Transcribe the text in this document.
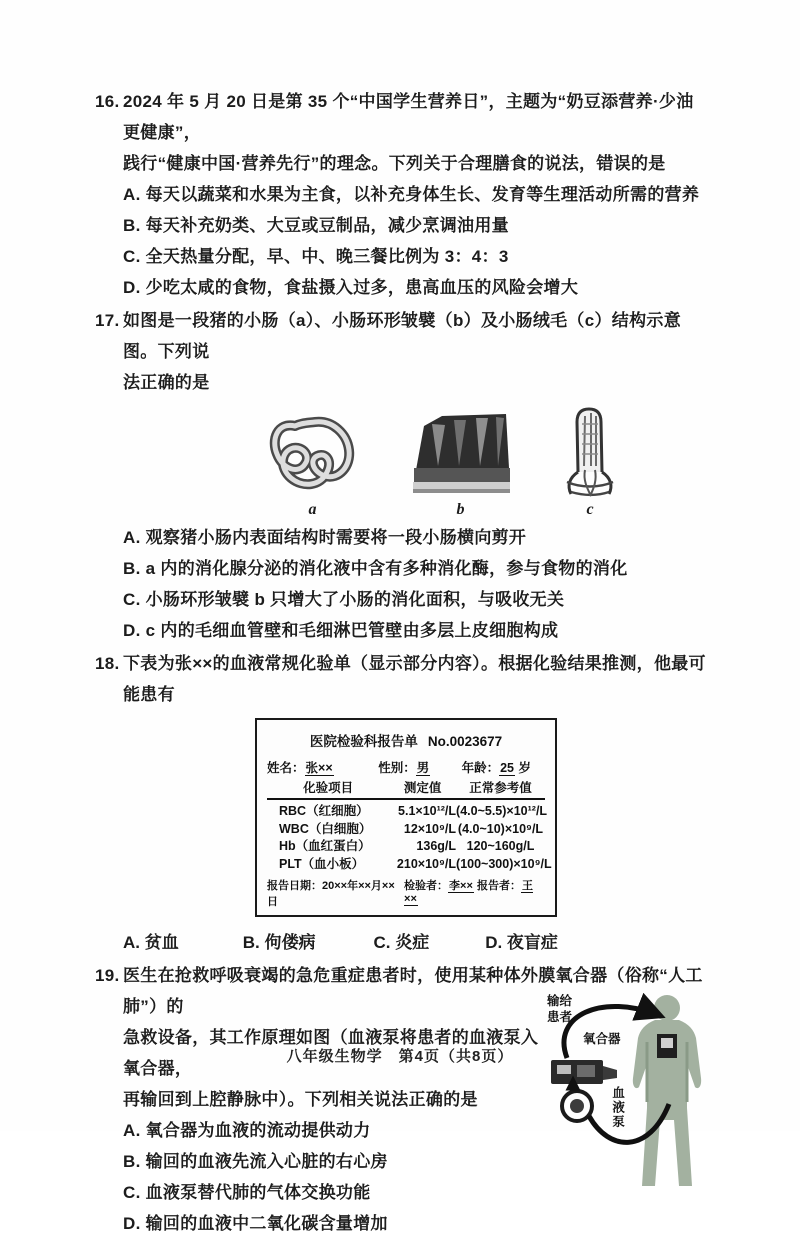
16. 2024 年 5 月 20 日是第 35 个“中国学生营养日”，主题为“奶豆添营养·少油更健康”，
践行“健康中国·营养先行”的理念。下列关于合理膳食的说法，错误的是
A. 每天以蔬菜和水果为主食，以补充身体生长、发育等生理活动所需的营养
B. 每天补充奶类、大豆或豆制品，减少烹调油用量
C. 全天热量分配，早、中、晚三餐比例为 3：4：3
D. 少吃太咸的食物，食盐摄入过多，患高血压的风险会增大
17. 如图是一段猪的小肠（a）、小肠环形皱襞（b）及小肠绒毛（c）结构示意图。下列说
法正确的是
a	b	c
A. 观察猪小肠内表面结构时需要将一段小肠横向剪开
B. a 内的消化腺分泌的消化液中含有多种消化酶，参与食物的消化
C. 小肠环形皱襞 b 只增大了小肠的消化面积，与吸收无关
D. c 内的毛细血管壁和毛细淋巴管壁由多层上皮细胞构成
18. 下表为张××的血液常规化验单（显示部分内容）。根据化验结果推测，他最可能患有
医院检验科报告单 No.0023677
姓名：张××	性别：男	年龄：25 岁
化验项目	测定值	正常参考值
RBC（红细胞）	5.1×10¹²/L (4.0~5.5)×10¹²/L
WBC（白细胞）	12×10⁹/L (4.0~10)×10⁹/L
Hb（血红蛋白）	136g/L 120~160g/L
PLT（血小板）	210×10⁹/L (100~300)×10⁹/L
报告日期：20××年××月××日
检验者：李×× 报告者：王××
A. 贫血	B. 佝偻病	C. 炎症	D. 夜盲症
19. 医生在抢救呼吸衰竭的急危重症患者时，使用某种体外膜氧合器（俗称“人工肺”）的
急救设备，其工作原理如图（血液泵将患者的血液泵入氧合器，
再输回到上腔静脉中）。下列相关说法正确的是
A. 氧合器为血液的流动提供动力
B. 输回的血液先流入心脏的右心房
C. 血液泵替代肺的气体交换功能
D. 输回的血液中二氧化碳含量增加
输给患者
氧合器
血液泵
八年级生物学　第4页（共8页）
